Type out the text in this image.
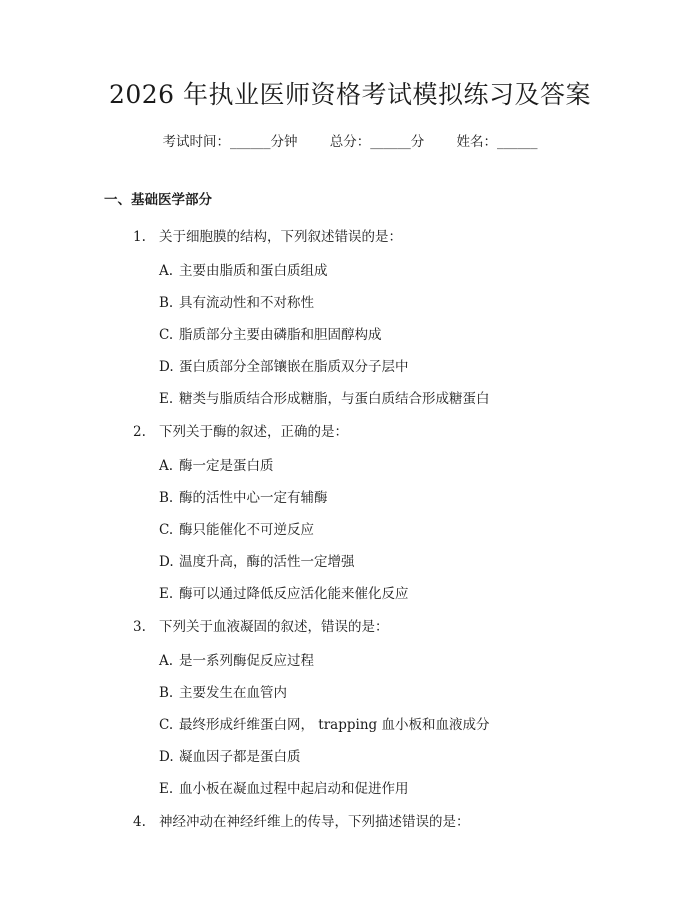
2026 年执业医师资格考试模拟练习及答案
考试时间：______分钟 总分：______分 姓名：______
一、基础医学部分
1. 关于细胞膜的结构，下列叙述错误的是：
A. 主要由脂质和蛋白质组成
B. 具有流动性和不对称性
C. 脂质部分主要由磷脂和胆固醇构成
D. 蛋白质部分全部镶嵌在脂质双分子层中
E. 糖类与脂质结合形成糖脂，与蛋白质结合形成糖蛋白
2. 下列关于酶的叙述，正确的是：
A. 酶一定是蛋白质
B. 酶的活性中心一定有辅酶
C. 酶只能催化不可逆反应
D. 温度升高，酶的活性一定增强
E. 酶可以通过降低反应活化能来催化反应
3. 下列关于血液凝固的叙述，错误的是：
A. 是一系列酶促反应过程
B. 主要发生在血管内
C. 最终形成纤维蛋白网， trapping 血小板和血液成分
D. 凝血因子都是蛋白质
E. 血小板在凝血过程中起启动和促进作用
4. 神经冲动在神经纤维上的传导，下列描述错误的是：
